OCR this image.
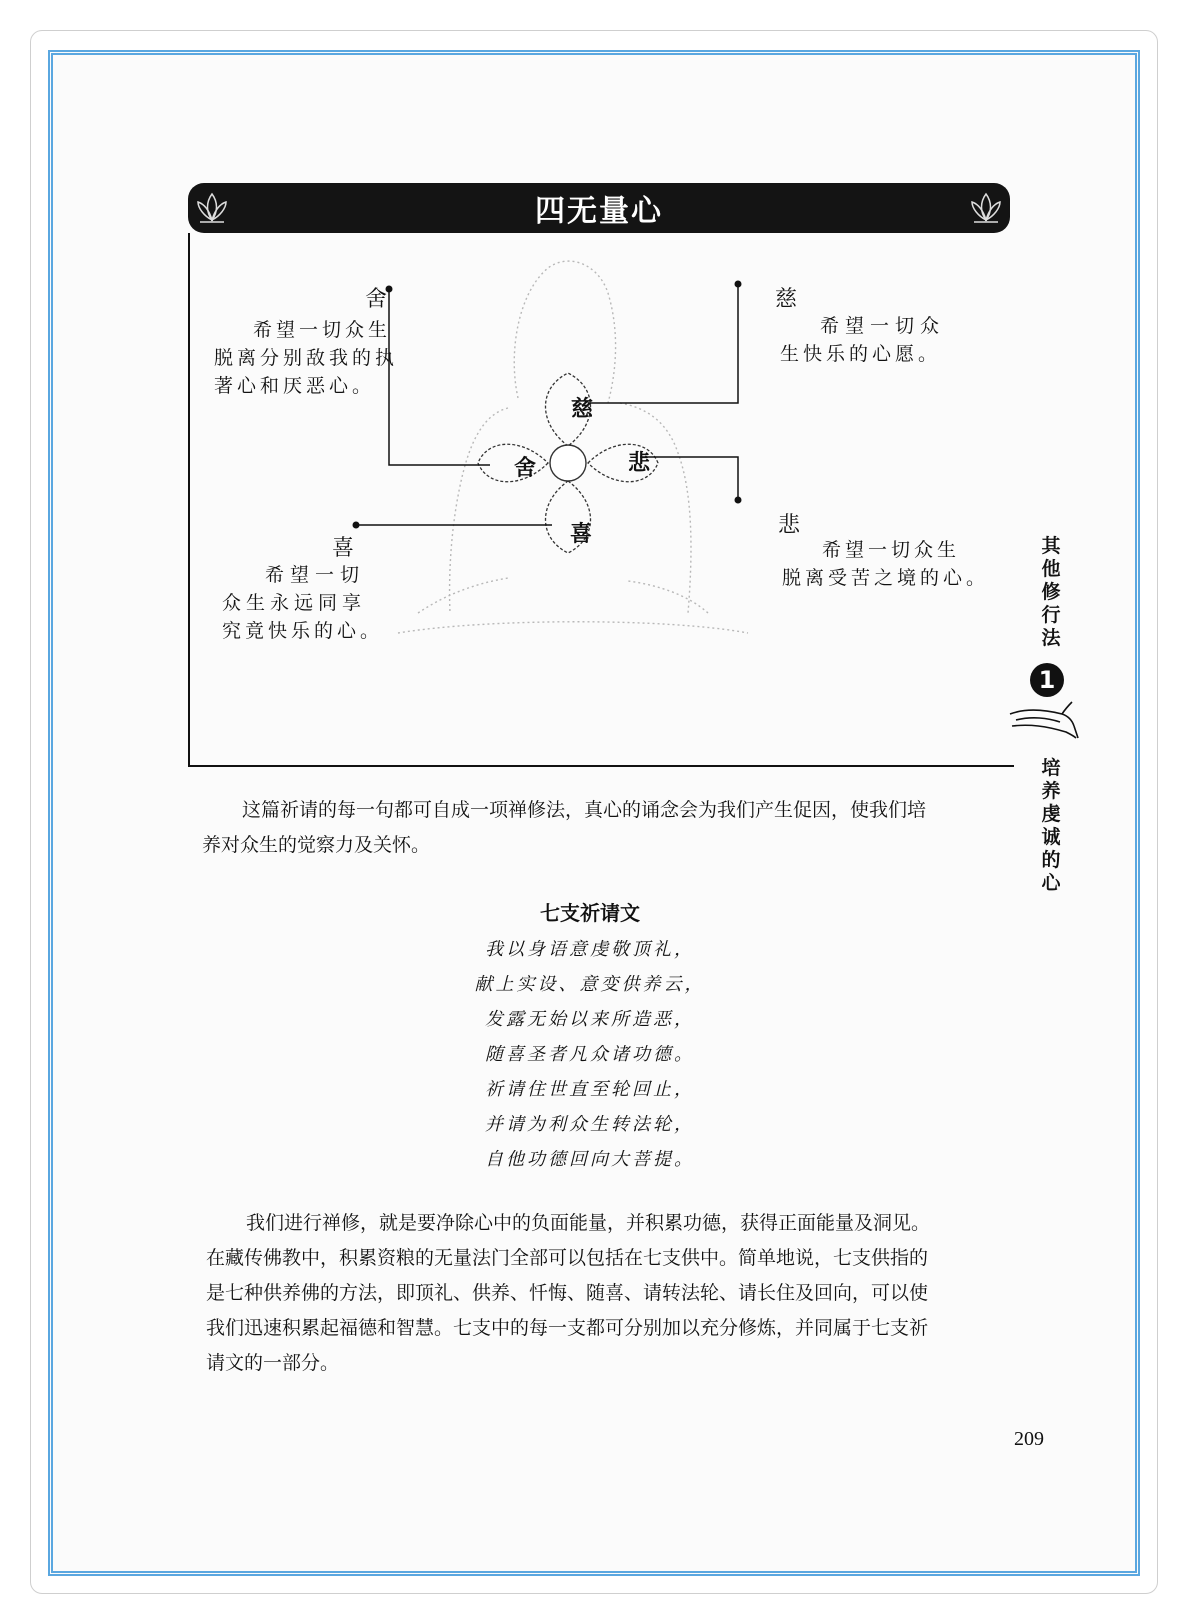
四无量心
慈
悲
舍
喜
舍
希望一切众生
脱离分别敌我的执
著心和厌恶心。
慈
希望一切众
生快乐的心愿。
悲
希望一切众生
脱离受苦之境的心。
喜
希望一切
众生永远同享
究竟快乐的心。
其
他
修
行
法
1
培
养
虔
诚
的
心
这篇祈请的每一句都可自成一项禅修法，真心的诵念会为我们产生促因，使我们培
养对众生的觉察力及关怀。
七支祈请文
我以身语意虔敬顶礼，
献上实设、意变供养云，
发露无始以来所造恶，
随喜圣者凡众诸功德。
祈请住世直至轮回止，
并请为利众生转法轮，
自他功德回向大菩提。
我们进行禅修，就是要净除心中的负面能量，并积累功德，获得正面能量及洞见。
在藏传佛教中，积累资粮的无量法门全部可以包括在七支供中。简单地说，七支供指的
是七种供养佛的方法，即顶礼、供养、忏悔、随喜、请转法轮、请长住及回向，可以使
我们迅速积累起福德和智慧。七支中的每一支都可分别加以充分修炼，并同属于七支祈
请文的一部分。
209
